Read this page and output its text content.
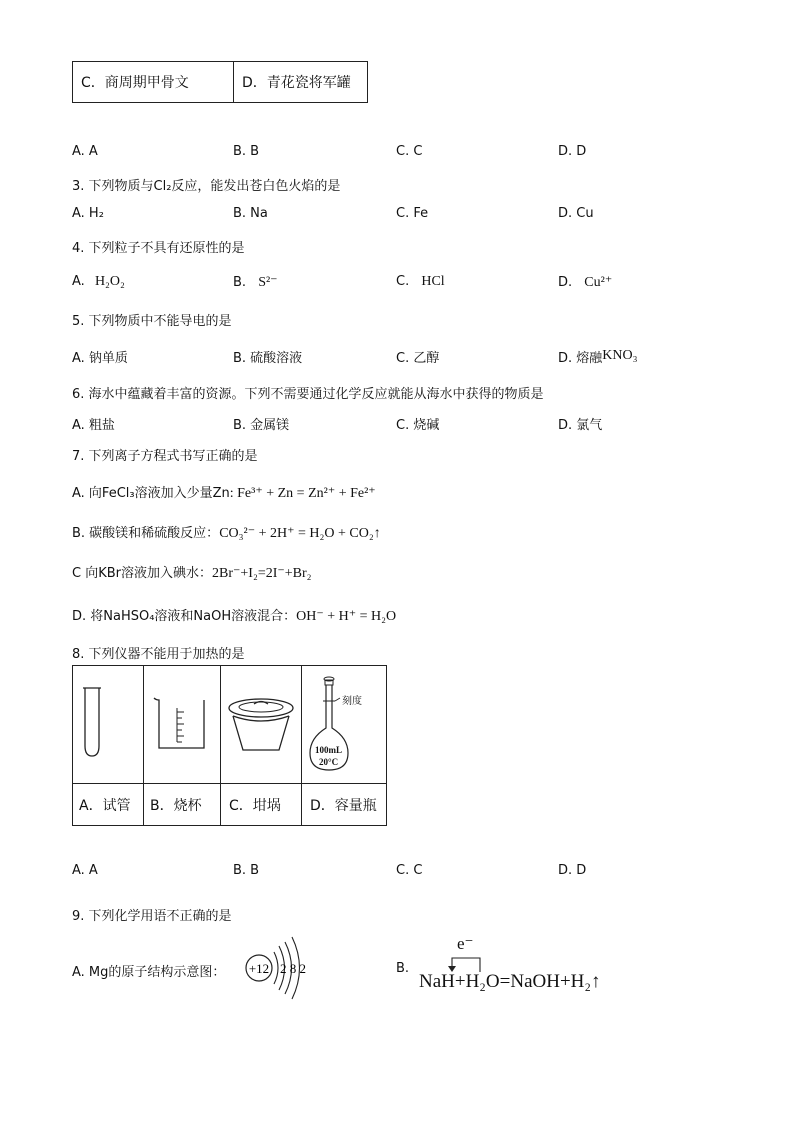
C．商周期甲骨文	D．青花瓷将军罐
A. A	B. B	C. C	D. D
3. 下列物质与Cl₂反应，能发出苍白色火焰的是
A. H₂	B. Na	C. Fe	D. Cu
4. 下列粒子不具有还原性的是
A. H₂O₂	B. S²⁻	C. HCl	D. Cu²⁺
5. 下列物质中不能导电的是
A. 钠单质	B. 硫酸溶液	C. 乙醇	D. 熔融KNO₃
6. 海水中蕴藏着丰富的资源。下列不需要通过化学反应就能从海水中获得的物质是
A. 粗盐	B. 金属镁	C. 烧碱	D. 氯气
7. 下列离子方程式书写正确的是
A. 向FeCl₃溶液加入少量Zn: Fe³⁺ + Zn = Zn²⁺ + Fe²⁺
B. 碳酸镁和稀硫酸反应：CO₃²⁻ + 2H⁺ = H₂O + CO₂↑
C 向KBr溶液加入碘水：2Br⁻+I₂=2I⁻+Br₂
D. 将NaHSO₄溶液和NaOH溶液混合：OH⁻ + H⁺ = H₂O
8. 下列仪器不能用于加热的是

刻度
100mL
20°C

A．试管	B．烧杯	C．坩埚	D．容量瓶
A. A	B. B	C. C	D. D
9. 下列化学用语不正确的是
A. Mg的原子结构示意图： +12 2 8 2	B.
e⁻
NaH+H₂O=NaOH+H₂↑
